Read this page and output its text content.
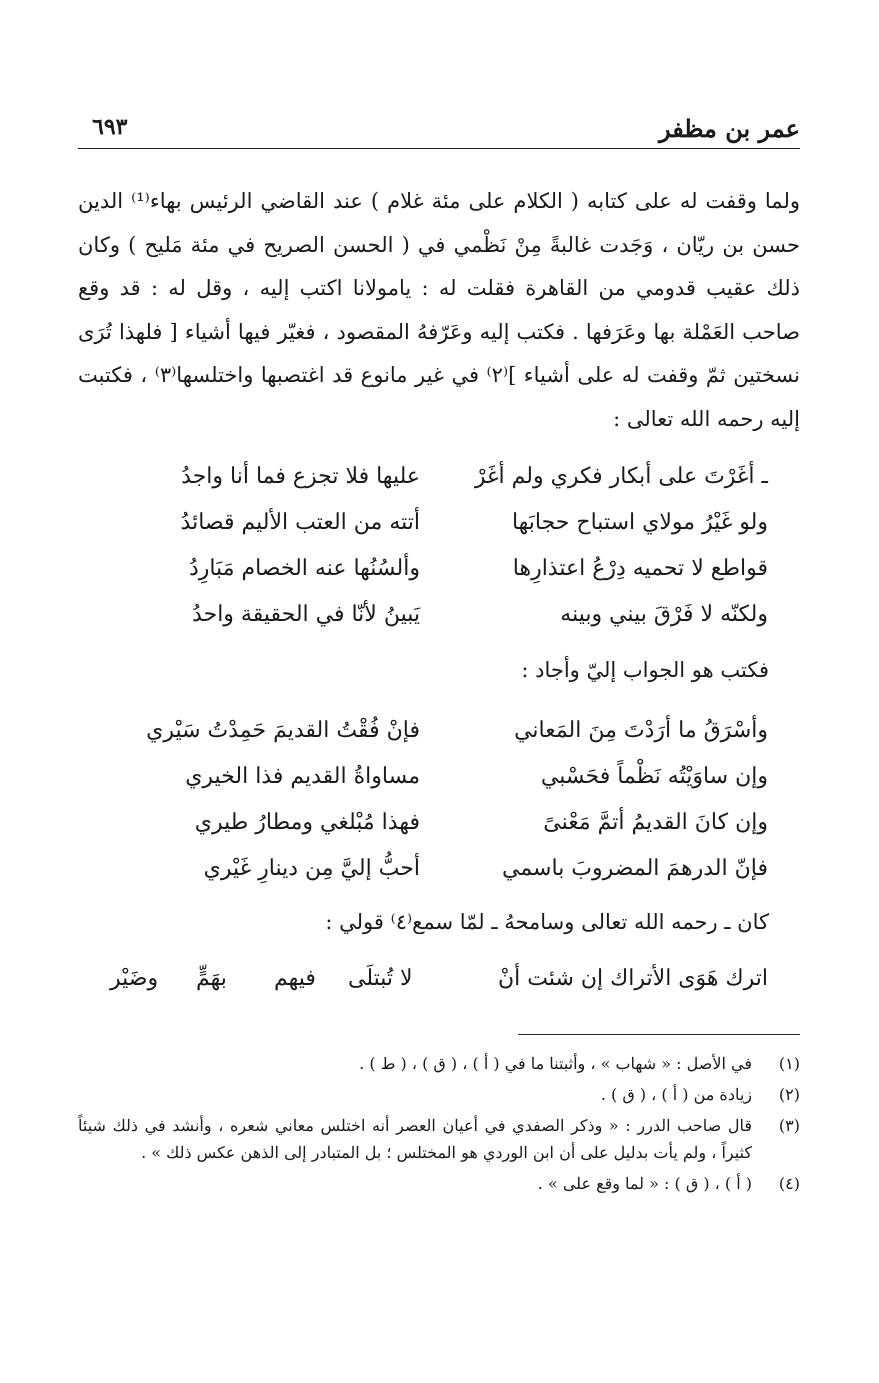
عمر بن مظفر
٦٩٣

ولما وقفت له على كتابه ( الكلام على مئة غلام ) عند القاضي الرئيس بهاء⁽¹⁾ الدين حسن بن ريّان ، وَجَدت غالبةً مِنْ نَظْمي في ( الحسن الصريح في مئة مَليح ) وكان ذلك عقيب قدومي من القاهرة فقلت له : يامولانا اكتب إليه ، وقل له : قد وقع صاحب العَمْلة بها وعَرَفها . فكتب إليه وعَرّفهُ المقصود ، فغيّر فيها أشياء [ فلهذا تُرَى نسختين ثمّ وقفت له على أشياء ]⁽٢⁾ في غير مانوع قد اغتصبها واختلسها⁽٣⁾ ، فكتبت إليه رحمه الله تعالى :

ـ أغَرْتَ على أبكار فكري ولم أغَرْ
عليها فلا تجزع فما أنا واجدُ
ولو غَيْرُ مولاي استباح حجابَها
أتته من العتب الأليم قصائدُ
قواطع لا تحميه دِرْعُ اعتذارِها
وألسُنُها عنه الخصام مَبَارِدُ
ولكنّه لا فَرْقَ بيني وبينه
يَبينُ لأنّا في الحقيقة واحدُ
فكتب هو الجواب إليّ وأجاد :
وأسْرَقُ ما أرَدْتَ مِنَ المَعاني
فإنْ فُقْتُ القديمَ حَمِدْتُ سَيْري
وإن ساوَيْتُه نَظْماً فحَسْبي
مساواةُ القديم فذا الخيري
وإن كانَ القديمُ أتمَّ مَعْنىً
فهذا مُبْلغي ومطارُ طيري
فإنّ الدرهمَ المضروبَ باسمي
أحبُّ إليَّ مِن دينارِ غَيْري
كان ـ رحمه الله تعالى وسامحهُ ـ لمّا سمع⁽٤⁾ قولي :
اترك هَوَى الأتراك إن شئت أنْ
لا تُبتلَى
فيهم
بهَمٍّ
وضَيْر
(١)
في الأصل : « شهاب » ، وأثبتنا ما في ( أ ) ، ( ق ) ، ( ط ) .
(٢)
زيادة من ( أ ) ، ( ق ) .
(٣)
قال صاحب الدرر : « وذكر الصفدي في أعيان العصر أنه اختلس معاني شعره ، وأنشد في ذلك شيئاً كثيراً ، ولم يأت بدليل على أن ابن الوردي هو المختلس ؛ بل المتبادر إلى الذهن عكس ذلك » .
(٤)
( أ ) ، ( ق ) : « لما وقع على » .
